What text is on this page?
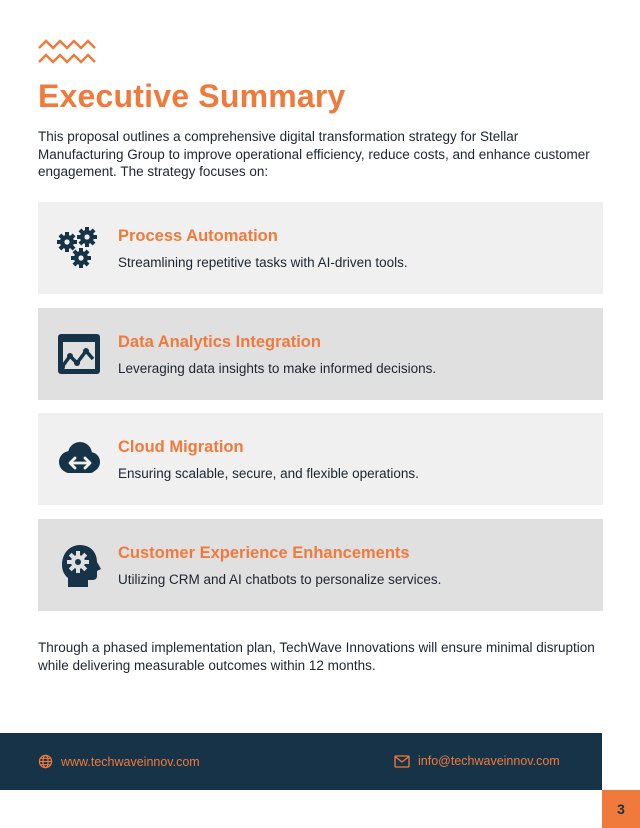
Executive Summary

This proposal outlines a comprehensive digital transformation strategy for Stellar Manufacturing Group to improve operational efficiency, reduce costs, and enhance customer engagement. The strategy focuses on:

Process Automation
Streamlining repetitive tasks with AI-driven tools.
Data Analytics Integration
Leveraging data insights to make informed decisions.
Cloud Migration
Ensuring scalable, secure, and flexible operations.
Customer Experience Enhancements
Utilizing CRM and AI chatbots to personalize services.

Through a phased implementation plan, TechWave Innovations will ensure minimal disruption while delivering measurable outcomes within 12 months.

www.techwaveinnov.com	info@techwaveinnov.com
3
